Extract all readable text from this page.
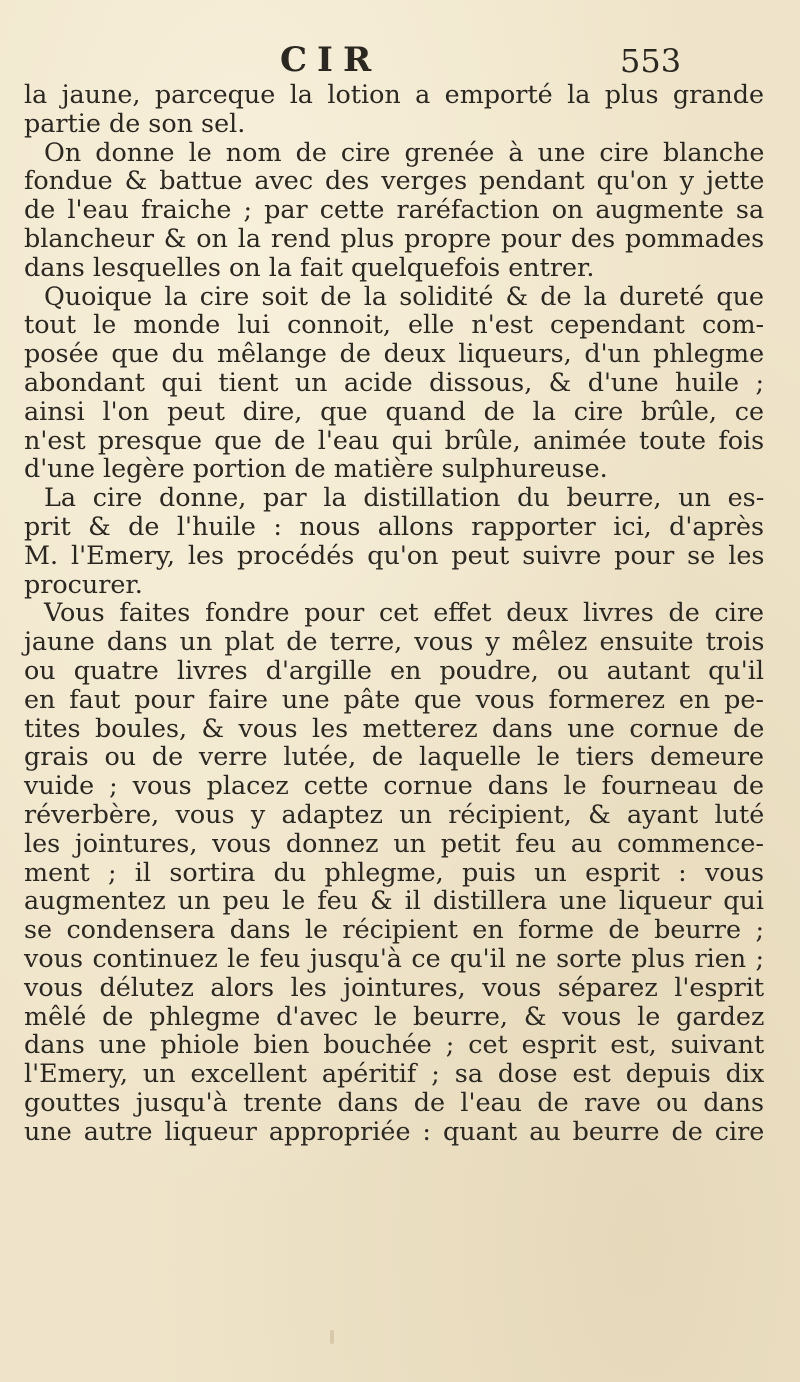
CIR	553

la jaune, parceque la lotion a emporté la plus grande
partie de son sel.

On donne le nom de cire grenée à une cire blanche
fondue & battue avec des verges pendant qu'on y jette
de l'eau fraiche ; par cette raréfaction on augmente sa
blancheur & on la rend plus propre pour des pommades
dans lesquelles on la fait quelquefois entrer.

Quoique la cire soit de la solidité & de la dureté que
tout le monde lui connoit, elle n'est cependant com-
posée que du mêlange de deux liqueurs, d'un phlegme
abondant qui tient un acide dissous, & d'une huile ;
ainsi l'on peut dire, que quand de la cire brûle, ce
n'est presque que de l'eau qui brûle, animée toute fois
d'une legère portion de matière sulphureuse.

La cire donne, par la distillation du beurre, un es-
prit & de l'huile : nous allons rapporter ici, d'après
M. l'Emery, les procédés qu'on peut suivre pour se les
procurer.

Vous faites fondre pour cet effet deux livres de cire
jaune dans un plat de terre, vous y mêlez ensuite trois
ou quatre livres d'argille en poudre, ou autant qu'il
en faut pour faire une pâte que vous formerez en pe-
tites boules, & vous les metterez dans une cornue de
grais ou de verre lutée, de laquelle le tiers demeure
vuide ; vous placez cette cornue dans le fourneau de
réverbère, vous y adaptez un récipient, & ayant luté
les jointures, vous donnez un petit feu au commence-
ment ; il sortira du phlegme, puis un esprit : vous
augmentez un peu le feu & il distillera une liqueur qui
se condensera dans le récipient en forme de beurre ;
vous continuez le feu jusqu'à ce qu'il ne sorte plus rien ;
vous délutez alors les jointures, vous séparez l'esprit
mêlé de phlegme d'avec le beurre, & vous le gardez
dans une phiole bien bouchée ; cet esprit est, suivant
l'Emery, un excellent apéritif ; sa dose est depuis dix
gouttes jusqu'à trente dans de l'eau de rave ou dans
une autre liqueur appropriée : quant au beurre de cire
